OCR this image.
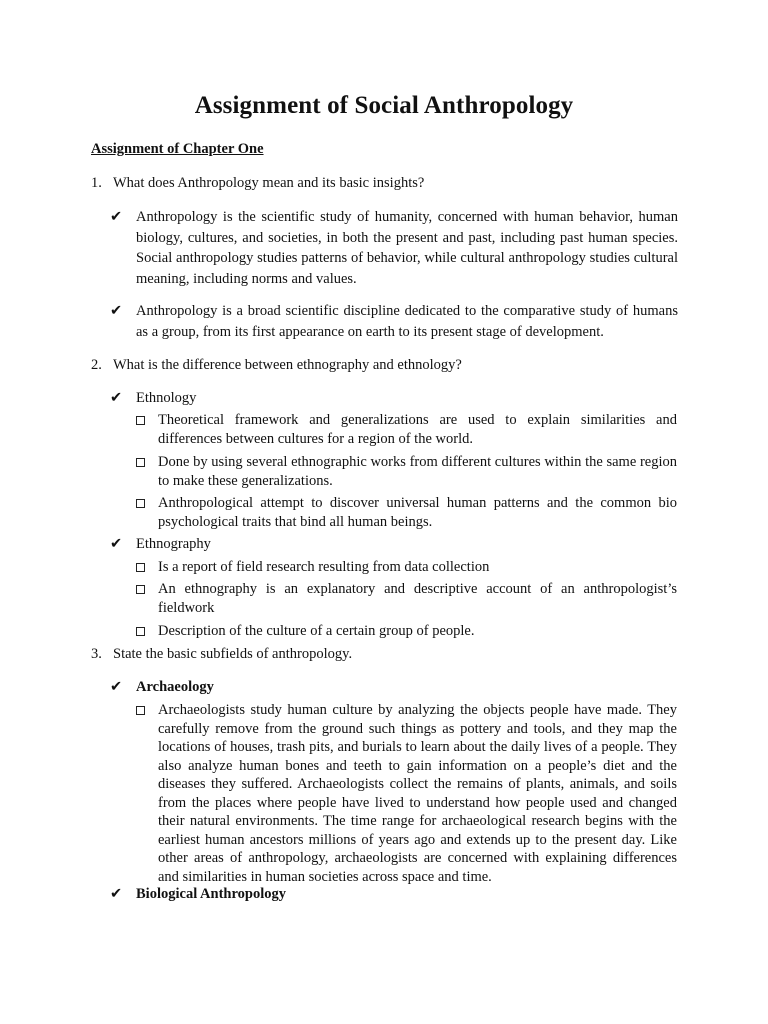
Assignment of Social Anthropology
Assignment of Chapter One
1. What does Anthropology mean and its basic insights?
✔ Anthropology is the scientific study of humanity, concerned with human behavior, human biology, cultures, and societies, in both the present and past, including past human species. Social anthropology studies patterns of behavior, while cultural anthropology studies cultural meaning, including norms and values.
✔ Anthropology is a broad scientific discipline dedicated to the comparative study of humans as a group, from its first appearance on earth to its present stage of development.
2. What is the difference between ethnography and ethnology?
✔ Ethnology
Theoretical framework and generalizations are used to explain similarities and differences between cultures for a region of the world.
Done by using several ethnographic works from different cultures within the same region to make these generalizations.
Anthropological attempt to discover universal human patterns and the common bio psychological traits that bind all human beings.
✔ Ethnography
Is a report of field research resulting from data collection
An ethnography is an explanatory and descriptive account of an anthropologist’s fieldwork
Description of the culture of a certain group of people.
3. State the basic subfields of anthropology.
✔ Archaeology
Archaeologists study human culture by analyzing the objects people have made. They carefully remove from the ground such things as pottery and tools, and they map the locations of houses, trash pits, and burials to learn about the daily lives of a people. They also analyze human bones and teeth to gain information on a people’s diet and the diseases they suffered. Archaeologists collect the remains of plants, animals, and soils from the places where people have lived to understand how people used and changed their natural environments. The time range for archaeological research begins with the earliest human ancestors millions of years ago and extends up to the present day. Like other areas of anthropology, archaeologists are concerned with explaining differences and similarities in human societies across space and time.
✔ Biological Anthropology
